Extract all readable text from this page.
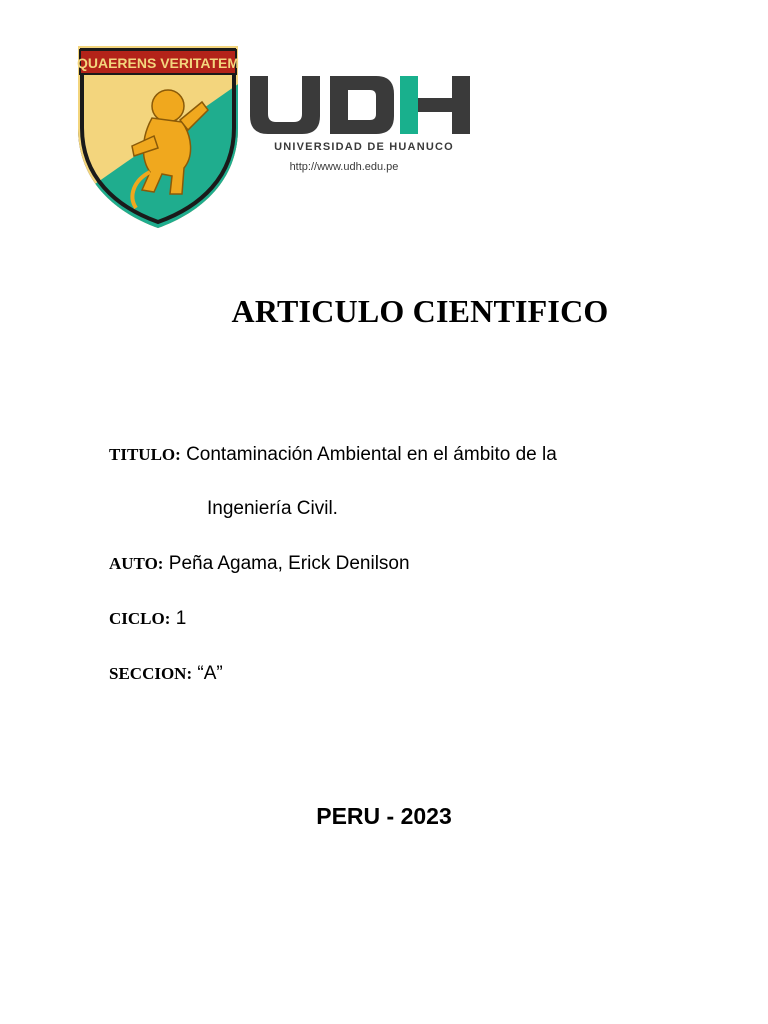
QUAERENS VERITATEM
UNIVERSIDAD DE HUANUCO
http://www.udh.edu.pe
ARTICULO CIENTIFICO
TITULO: Contaminación Ambiental en el ámbito de la
Ingeniería Civil.
AUTO: Peña Agama, Erick Denilson
CICLO: 1
SECCION: “A”
PERU - 2023
